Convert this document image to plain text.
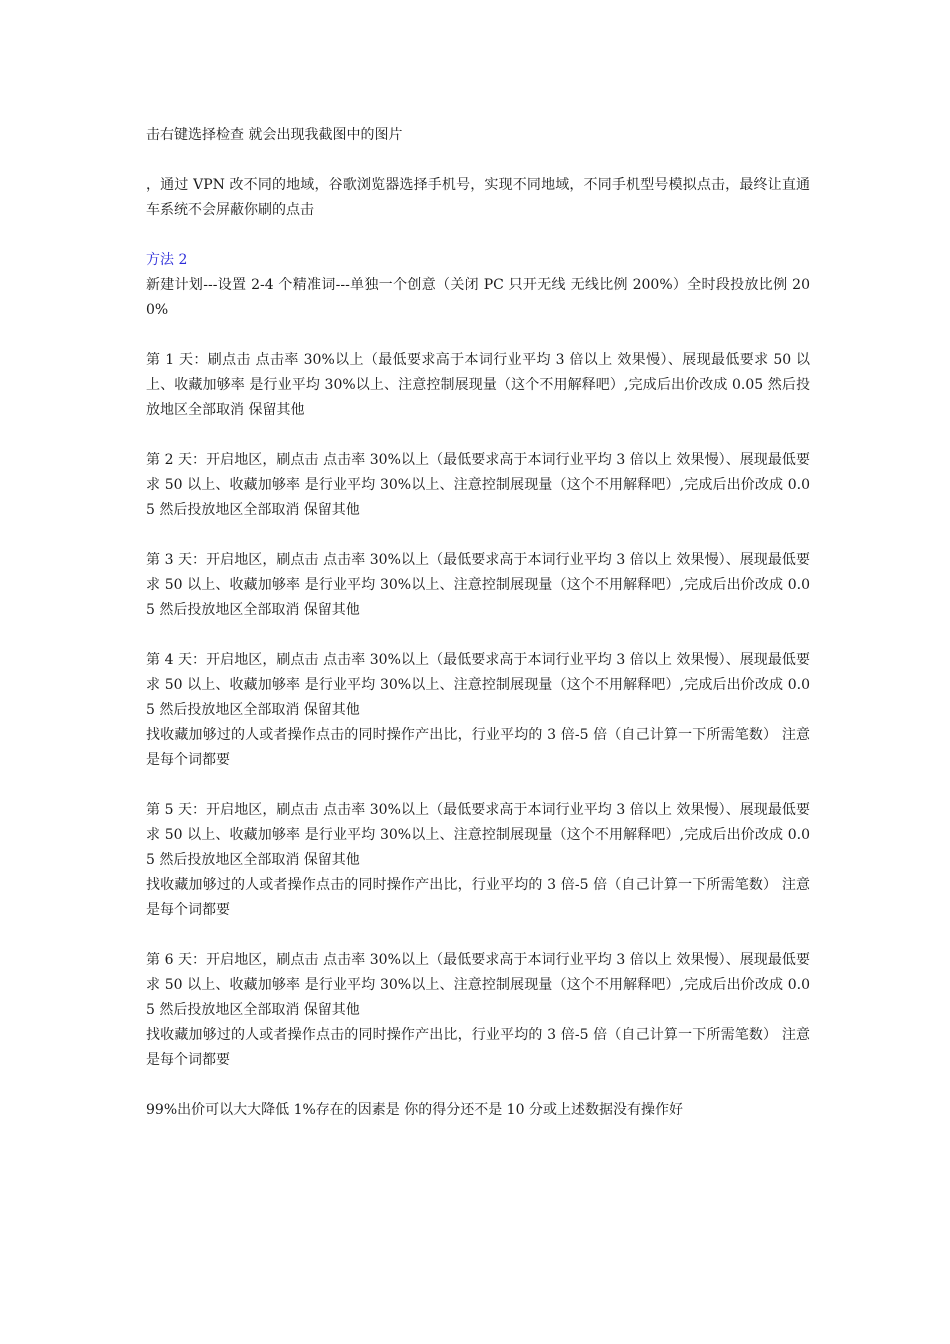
击右键选择检查 就会出现我截图中的图片

，通过 VPN 改不同的地域，谷歌浏览器选择手机号，实现不同地域，不同手机型号模拟点击，最终让直通车系统不会屏蔽你刷的点击

方法 2

新建计划---设置 2-4 个精准词---单独一个创意（关闭 PC 只开无线 无线比例 200%）全时段投放比例 200%

第 1 天：刷点击 点击率 30%以上（最低要求高于本词行业平均 3 倍以上 效果慢）、展现最低要求 50 以上、收藏加够率 是行业平均 30%以上、注意控制展现量（这个不用解释吧）,完成后出价改成 0.05 然后投放地区全部取消 保留其他

第 2 天：开启地区，刷点击 点击率 30%以上（最低要求高于本词行业平均 3 倍以上 效果慢）、展现最低要求 50 以上、收藏加够率 是行业平均 30%以上、注意控制展现量（这个不用解释吧）,完成后出价改成 0.05 然后投放地区全部取消 保留其他

第 3 天：开启地区，刷点击 点击率 30%以上（最低要求高于本词行业平均 3 倍以上 效果慢）、展现最低要求 50 以上、收藏加够率 是行业平均 30%以上、注意控制展现量（这个不用解释吧）,完成后出价改成 0.05 然后投放地区全部取消 保留其他

第 4 天：开启地区，刷点击 点击率 30%以上（最低要求高于本词行业平均 3 倍以上 效果慢）、展现最低要求 50 以上、收藏加够率 是行业平均 30%以上、注意控制展现量（这个不用解释吧）,完成后出价改成 0.05 然后投放地区全部取消 保留其他

找收藏加够过的人或者操作点击的同时操作产出比，行业平均的 3 倍-5 倍（自己计算一下所需笔数） 注意是每个词都要

第 5 天：开启地区，刷点击 点击率 30%以上（最低要求高于本词行业平均 3 倍以上 效果慢）、展现最低要求 50 以上、收藏加够率 是行业平均 30%以上、注意控制展现量（这个不用解释吧）,完成后出价改成 0.05 然后投放地区全部取消 保留其他

找收藏加够过的人或者操作点击的同时操作产出比，行业平均的 3 倍-5 倍（自己计算一下所需笔数） 注意是每个词都要

第 6 天：开启地区，刷点击 点击率 30%以上（最低要求高于本词行业平均 3 倍以上 效果慢）、展现最低要求 50 以上、收藏加够率 是行业平均 30%以上、注意控制展现量（这个不用解释吧）,完成后出价改成 0.05 然后投放地区全部取消 保留其他

找收藏加够过的人或者操作点击的同时操作产出比，行业平均的 3 倍-5 倍（自己计算一下所需笔数） 注意是每个词都要

99%出价可以大大降低 1%存在的因素是 你的得分还不是 10 分或上述数据没有操作好
